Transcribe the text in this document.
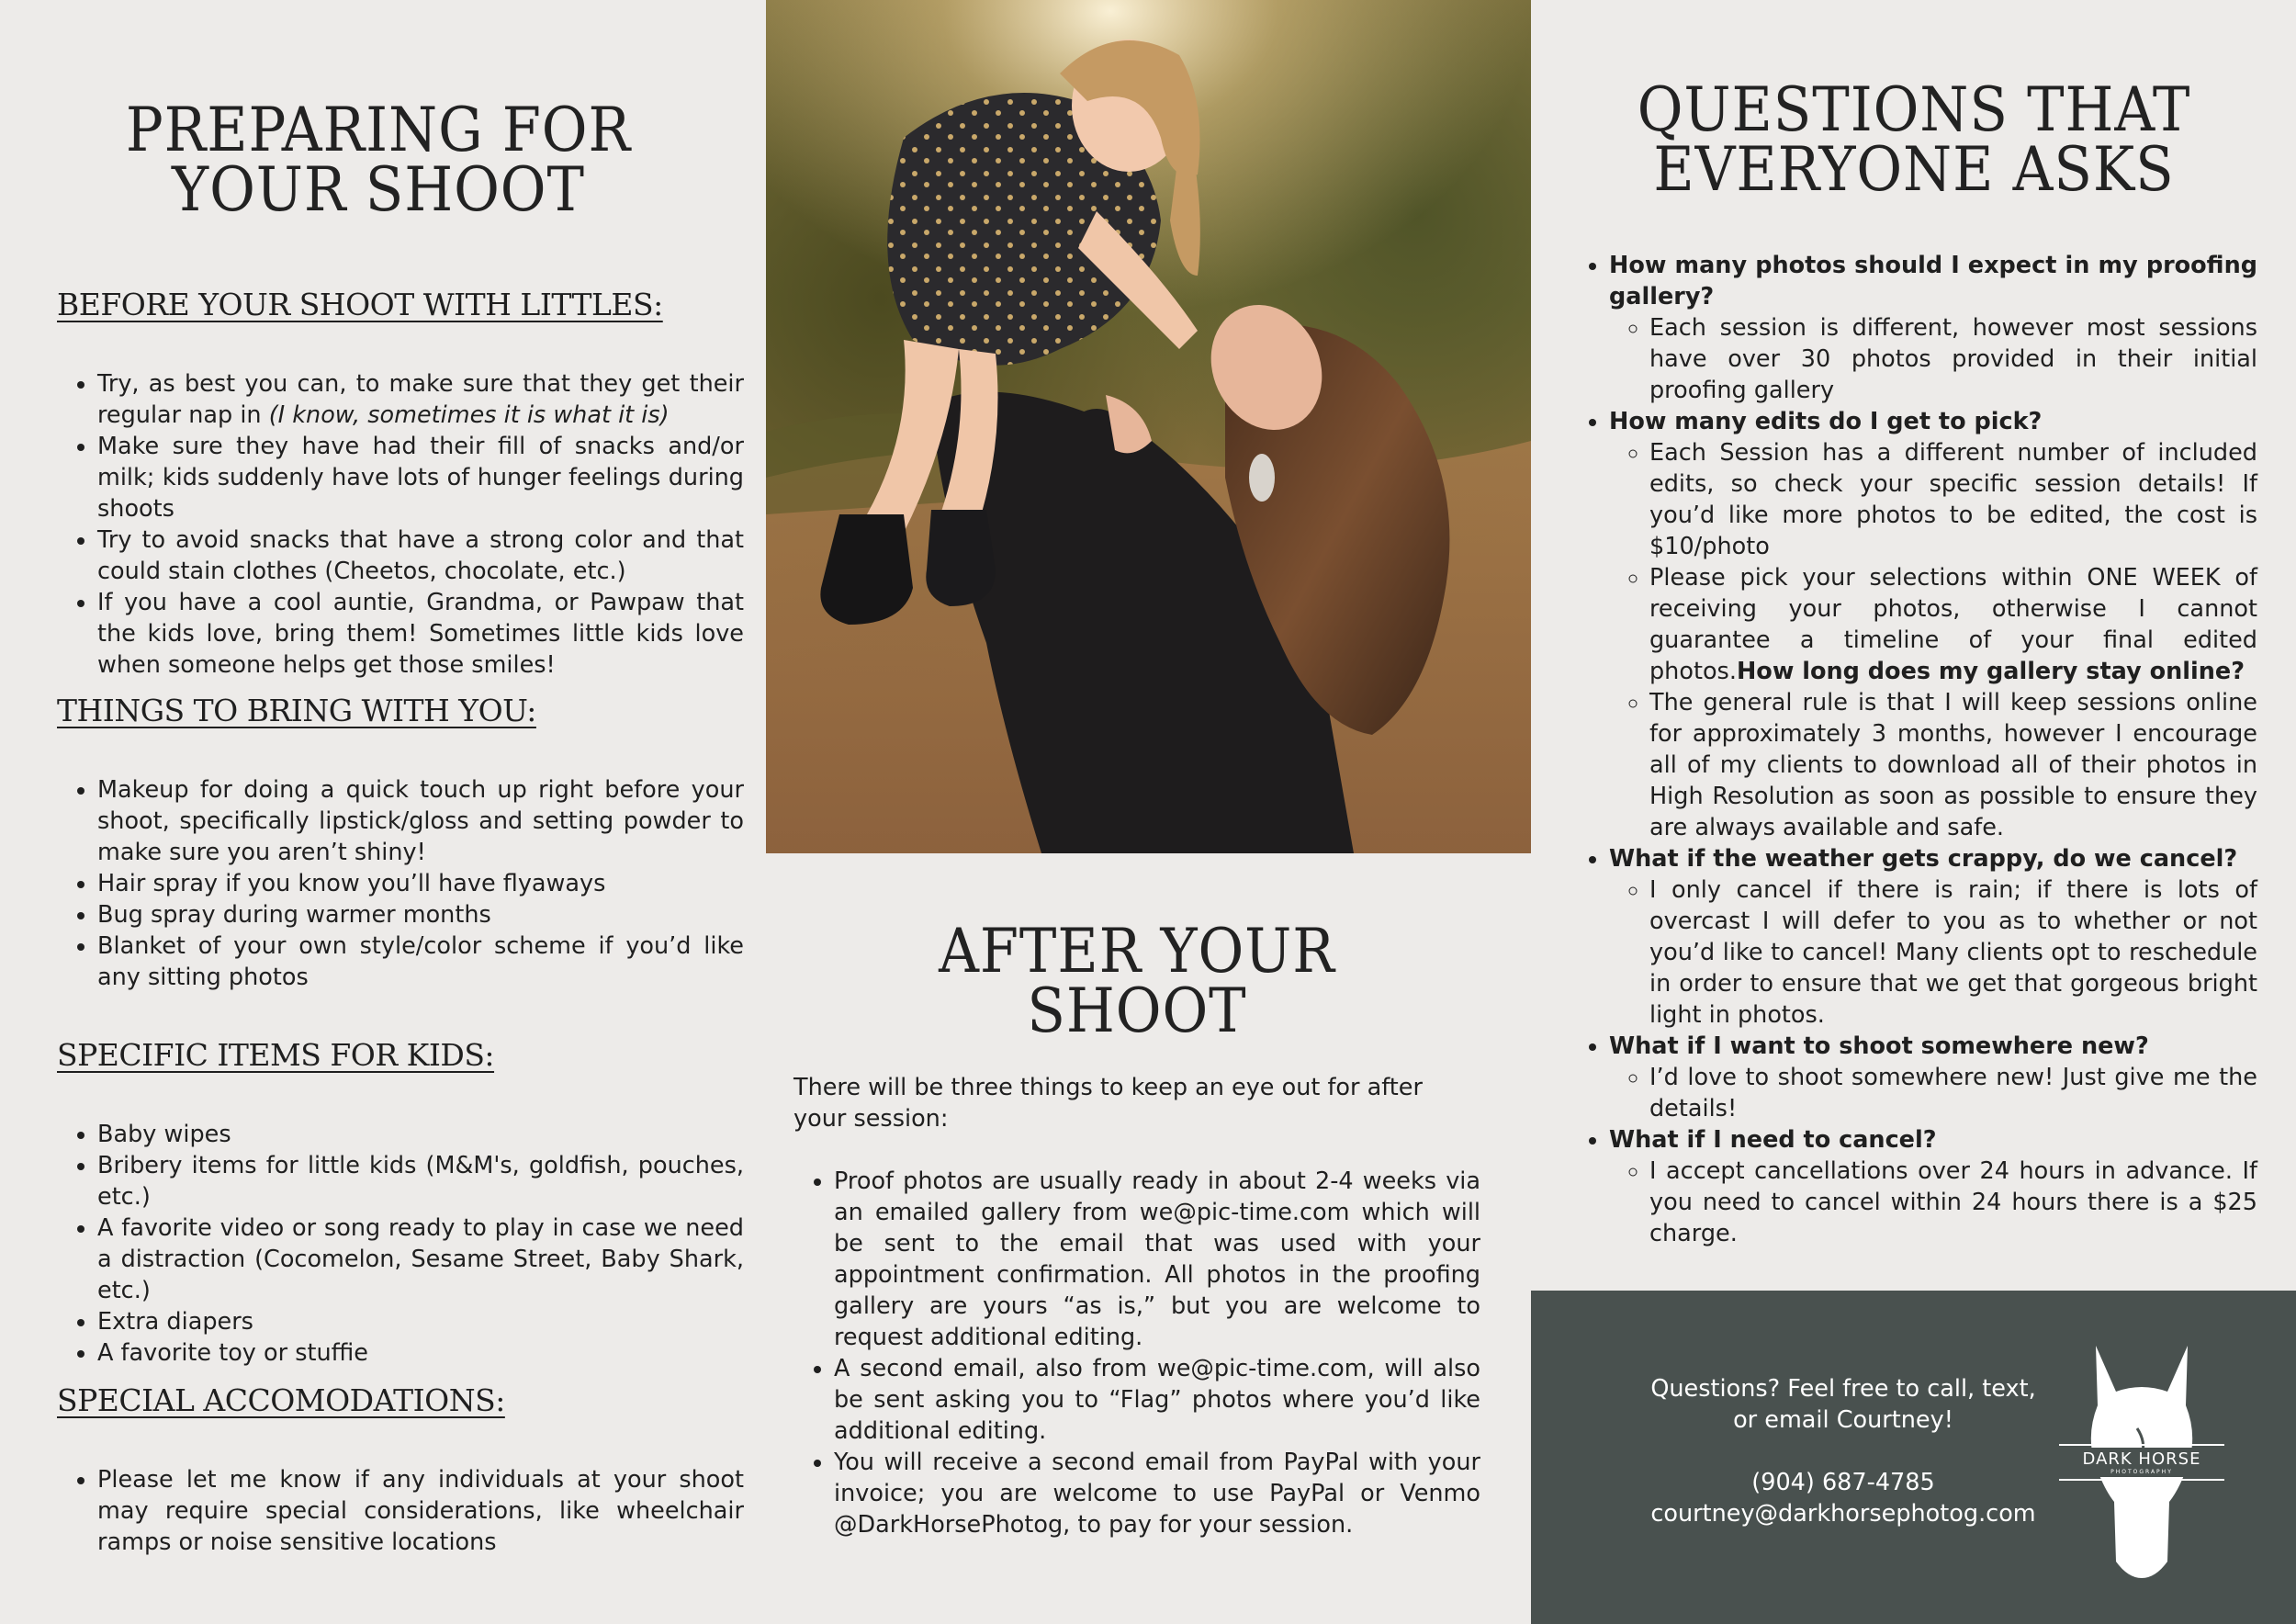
PREPARING FOR
YOUR SHOOT
BEFORE YOUR SHOOT WITH LITTLES:
• Try, as best you can, to make sure that they get their regular nap in (I know, sometimes it is what it is)
• Make sure they have had their fill of snacks and/or milk; kids suddenly have lots of hunger feelings during shoots
• Try to avoid snacks that have a strong color and that could stain clothes (Cheetos, chocolate, etc.)
• If you have a cool auntie, Grandma, or Pawpaw that the kids love, bring them! Sometimes little kids love when someone helps get those smiles!
THINGS TO BRING WITH YOU:
• Makeup for doing a quick touch up right before your shoot, specifically lipstick/gloss and setting powder to make sure you aren’t shiny!
• Hair spray if you know you’ll have flyaways
• Bug spray during warmer months
• Blanket of your own style/color scheme if you’d like any sitting photos
SPECIFIC ITEMS FOR KIDS:
• Baby wipes
• Bribery items for little kids (M&M's, goldfish, pouches, etc.)
• A favorite video or song ready to play in case we need a distraction (Cocomelon, Sesame Street, Baby Shark, etc.)
• Extra diapers
• A favorite toy or stuffie
SPECIAL ACCOMODATIONS:
• Please let me know if any individuals at your shoot may require special considerations, like wheelchair ramps or noise sensitive locations
AFTER YOUR
SHOOT

There will be three things to keep an eye out for after your session:

• Proof photos are usually ready in about 2-4 weeks via an emailed gallery from we@pic-time.com which will be sent to the email that was used with your appointment confirmation. All photos in the proofing gallery are yours “as is,” but you are welcome to request additional editing.
• A second email, also from we@pic-time.com, will also be sent asking you to “Flag” photos where you’d like additional editing.
• You will receive a second email from PayPal with your invoice; you are welcome to use PayPal or Venmo @DarkHorsePhotog, to pay for your session.
QUESTIONS THAT
EVERYONE ASKS
• How many photos should I expect in my proofing gallery?
◦ Each session is different, however most sessions have over 30 photos provided in their initial proofing gallery
• How many edits do I get to pick?
◦ Each Session has a different number of included edits, so check your specific session details! If you’d like more photos to be edited, the cost is $10/photo
◦ Please pick your selections within ONE WEEK of receiving your photos, otherwise I cannot guarantee a timeline of your final edited photos.How long does my gallery stay online?
◦ The general rule is that I will keep sessions online for approximately 3 months, however I encourage all of my clients to download all of their photos in High Resolution as soon as possible to ensure they are always available and safe.
• What if the weather gets crappy, do we cancel?
◦ I only cancel if there is rain; if there is lots of overcast I will defer to you as to whether or not you’d like to cancel! Many clients opt to reschedule in order to ensure that we get that gorgeous bright light in photos.
• What if I want to shoot somewhere new?
◦ I’d love to shoot somewhere new! Just give me the details!
• What if I need to cancel?
◦ I accept cancellations over 24 hours in advance. If you need to cancel within 24 hours there is a $25 charge.
Questions? Feel free to call, text,
or email Courtney!
(904) 687-4785
courtney@darkhorsephotog.com
DARK HORSE
PHOTOGRAPHY
